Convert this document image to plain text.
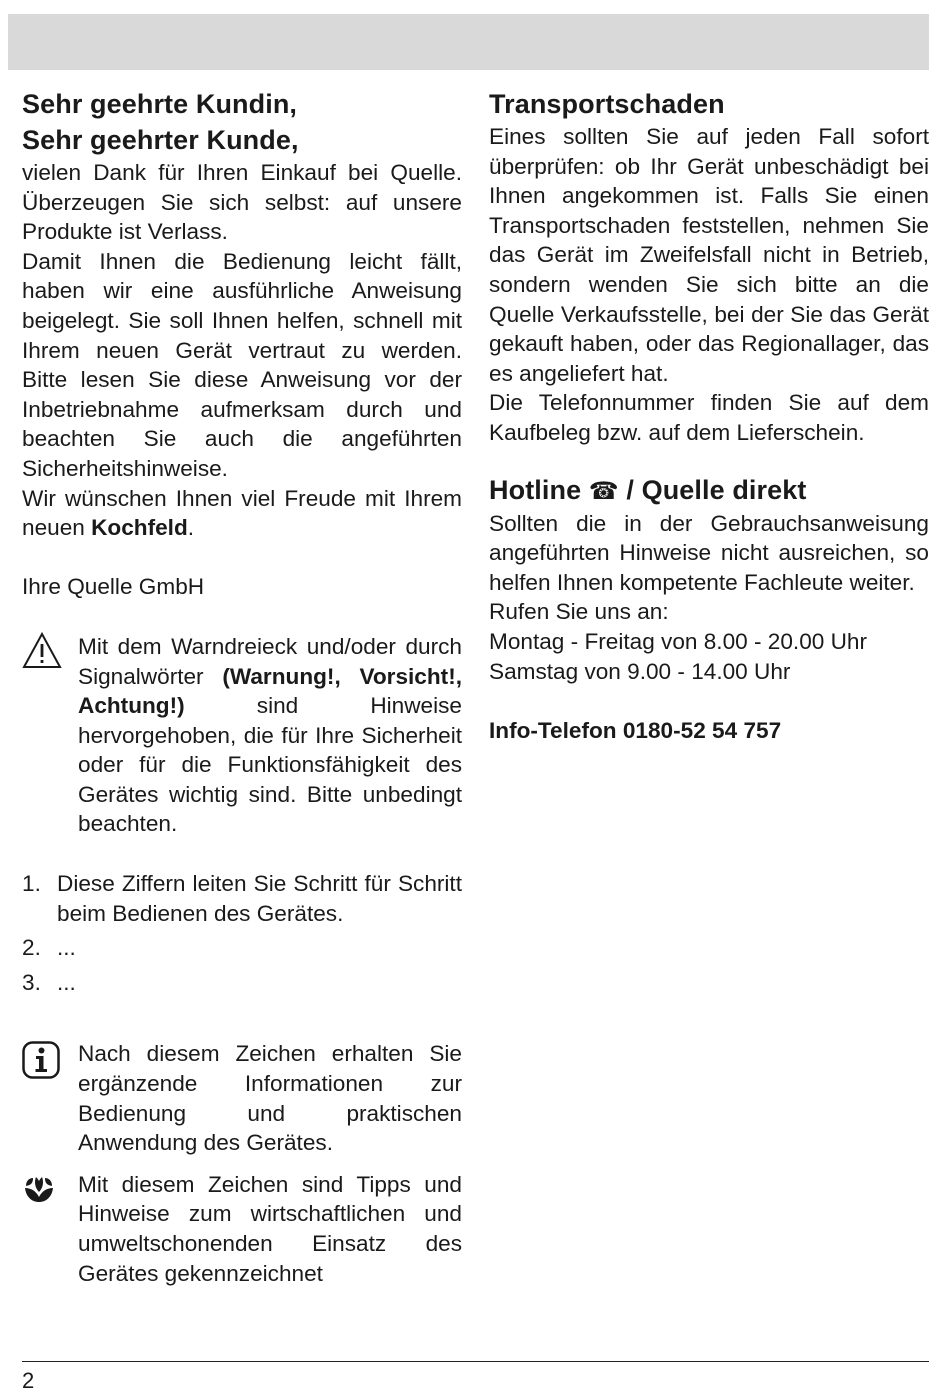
Sehr geehrte Kundin,
Sehr geehrter Kunde,

vielen Dank für Ihren Einkauf bei Quelle. Überzeugen Sie sich selbst: auf unsere Produkte ist Verlass.

Damit Ihnen die Bedienung leicht fällt, haben wir eine ausführliche Anweisung beigelegt. Sie soll Ihnen helfen, schnell mit Ihrem neuen Gerät vertraut zu werden. Bitte lesen Sie diese Anweisung vor der Inbetriebnahme aufmerksam durch und beachten Sie auch die angeführten Sicherheitshinweise.

Wir wünschen Ihnen viel Freude mit Ihrem neuen Kochfeld.

Ihre Quelle GmbH

Mit dem Warndreieck und/oder durch Signalwörter (Warnung!, Vorsicht!, Achtung!) sind Hinweise hervorgehoben, die für Ihre Sicherheit oder für die Funktionsfähigkeit des Gerätes wichtig sind. Bitte unbedingt beachten.

1. Diese Ziffern leiten Sie Schritt für Schritt beim Bedienen des Gerätes.

2. ...

3. ...

Nach diesem Zeichen erhalten Sie ergänzende Informationen zur Bedienung und praktischen Anwendung des Gerätes.

Mit diesem Zeichen sind Tipps und Hinweise zum wirtschaftlichen und umweltschonenden Einsatz des Gerätes gekennzeichnet

Transportschaden

Eines sollten Sie auf jeden Fall sofort überprüfen: ob Ihr Gerät unbeschädigt bei Ihnen angekommen ist. Falls Sie einen Transportschaden feststellen, nehmen Sie das Gerät im Zweifelsfall nicht in Betrieb, sondern wenden Sie sich bitte an die Quelle Verkaufsstelle, bei der Sie das Gerät gekauft haben, oder das Regionallager, das es angeliefert hat.

Die Telefonnummer finden Sie auf dem Kaufbeleg bzw. auf dem Lieferschein.

Hotline ☎ / Quelle direkt

Sollten die in der Gebrauchsanweisung angeführten Hinweise nicht ausreichen, so helfen Ihnen kompetente Fachleute weiter.

Rufen Sie uns an:

Montag - Freitag von 8.00 - 20.00 Uhr

Samstag von 9.00 - 14.00 Uhr

Info-Telefon 0180-52 54 757

2
